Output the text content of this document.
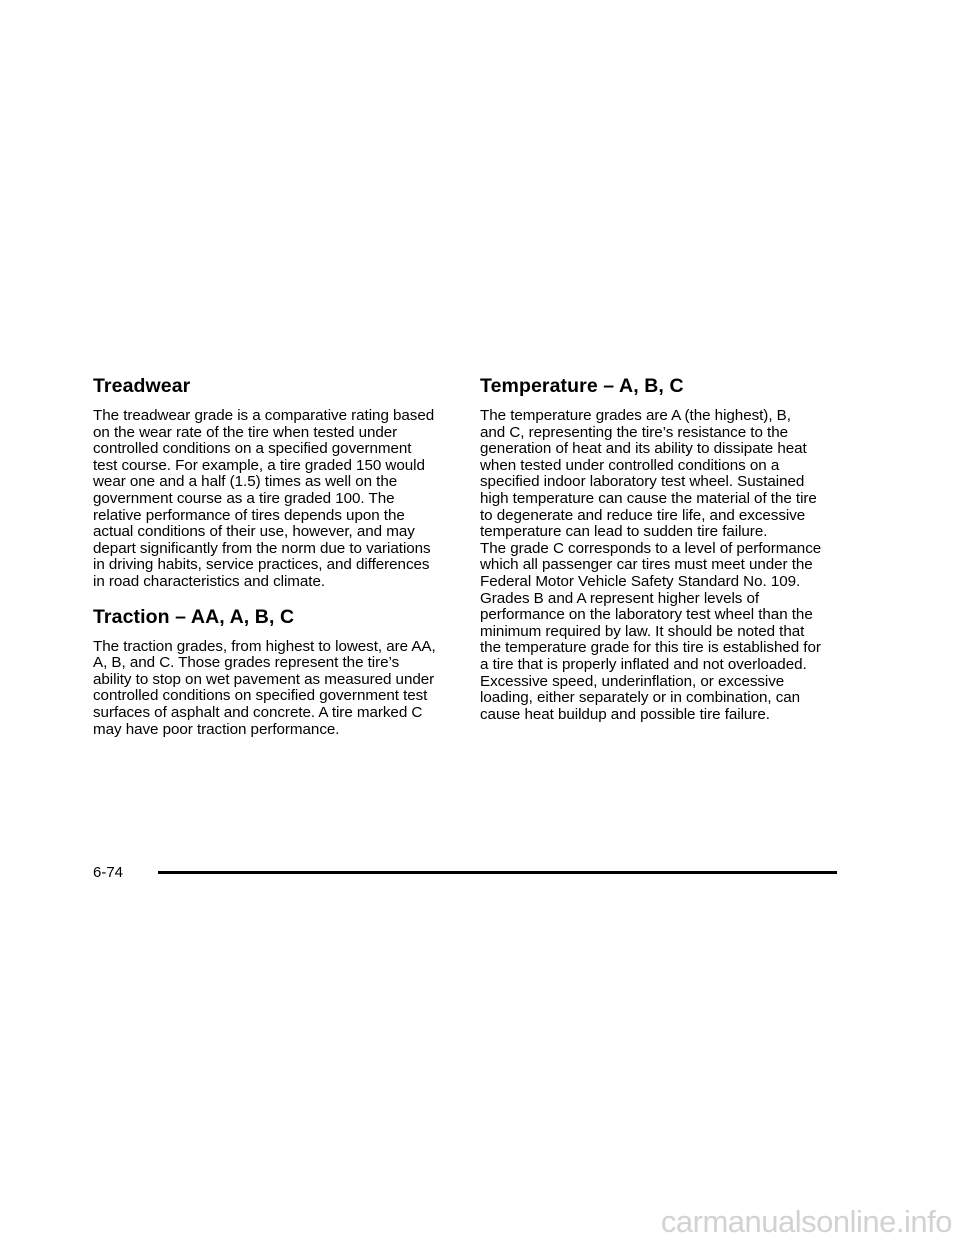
Treadwear

The treadwear grade is a comparative rating based
on the wear rate of the tire when tested under
controlled conditions on a specified government
test course. For example, a tire graded 150 would
wear one and a half (1.5) times as well on the
government course as a tire graded 100. The
relative performance of tires depends upon the
actual conditions of their use, however, and may
depart significantly from the norm due to variations
in driving habits, service practices, and differences
in road characteristics and climate.

Traction – AA, A, B, C

The traction grades, from highest to lowest, are AA,
A, B, and C. Those grades represent the tire’s
ability to stop on wet pavement as measured under
controlled conditions on specified government test
surfaces of asphalt and concrete. A tire marked C
may have poor traction performance.

Temperature – A, B, C

The temperature grades are A (the highest), B,
and C, representing the tire’s resistance to the
generation of heat and its ability to dissipate heat
when tested under controlled conditions on a
specified indoor laboratory test wheel. Sustained
high temperature can cause the material of the tire
to degenerate and reduce tire life, and excessive
temperature can lead to sudden tire failure.
The grade C corresponds to a level of performance
which all passenger car tires must meet under the
Federal Motor Vehicle Safety Standard No. 109.
Grades B and A represent higher levels of
performance on the laboratory test wheel than the
minimum required by law. It should be noted that
the temperature grade for this tire is established for
a tire that is properly inflated and not overloaded.
Excessive speed, underinflation, or excessive
loading, either separately or in combination, can
cause heat buildup and possible tire failure.

6-74
carmanualsonline.info
